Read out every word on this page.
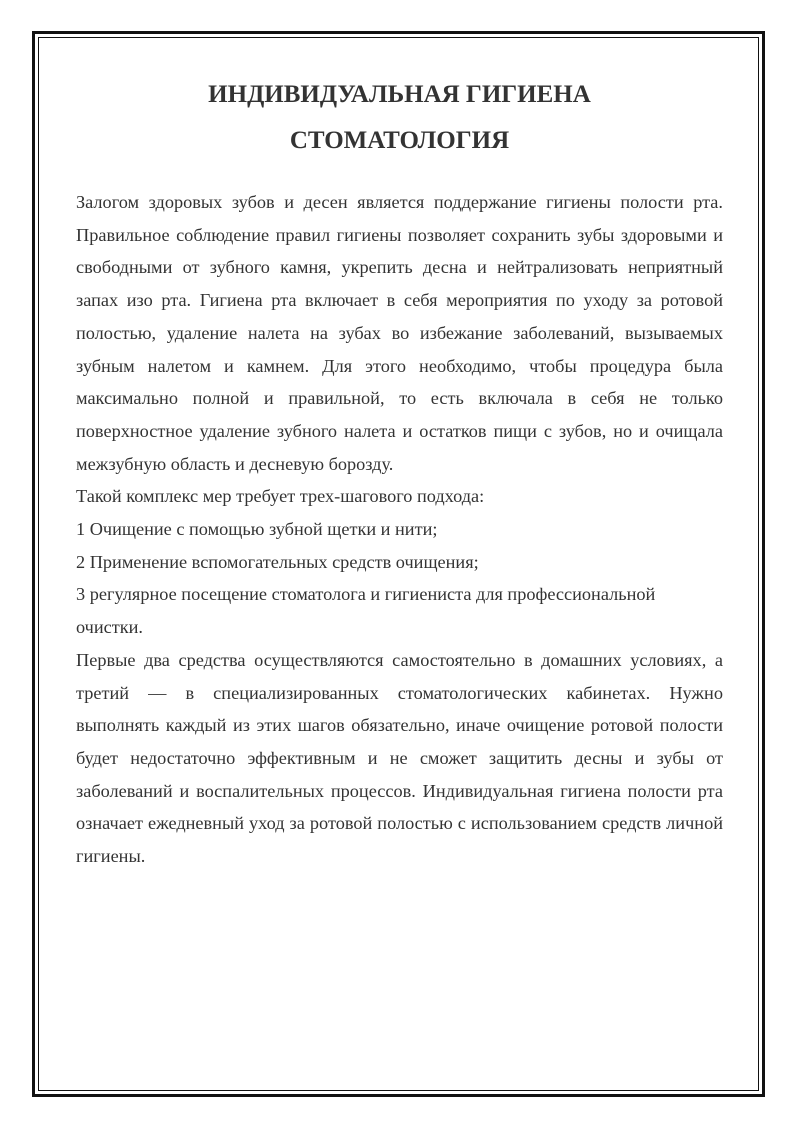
ИНДИВИДУАЛЬНАЯ ГИГИЕНА
СТОМАТОЛОГИЯ

Залогом здоровых зубов и десен является поддержание гигиены полости рта. Правильное соблюдение правил гигиены позволяет сохранить зубы здоровыми и свободными от зубного камня, укрепить десна и нейтрализовать неприятный запах изо рта. Гигиена рта включает в себя мероприятия по уходу за ротовой полостью, удаление налета на зубах во избежание заболеваний, вызываемых зубным налетом и камнем. Для этого необходимо, чтобы процедура была максимально полной и правильной, то есть включала в себя не только поверхностное удаление зубного налета и остатков пищи с зубов, но и очищала межзубную область и десневую борозду.

Такой комплекс мер требует трех-шагового подхода:

1 Очищение с помощью зубной щетки и нити;

2 Применение вспомогательных средств очищения;

3 регулярное посещение стоматолога и гигиениста для профессиональной очистки.

Первые два средства осуществляются самостоятельно в домашних условиях, а третий — в специализированных стоматологических кабинетах. Нужно выполнять каждый из этих шагов обязательно, иначе очищение ротовой полости будет недостаточно эффективным и не сможет защитить десны и зубы от заболеваний и воспалительных процессов. Индивидуальная гигиена полости рта означает ежедневный уход за ротовой полостью с использованием средств личной гигиены.
